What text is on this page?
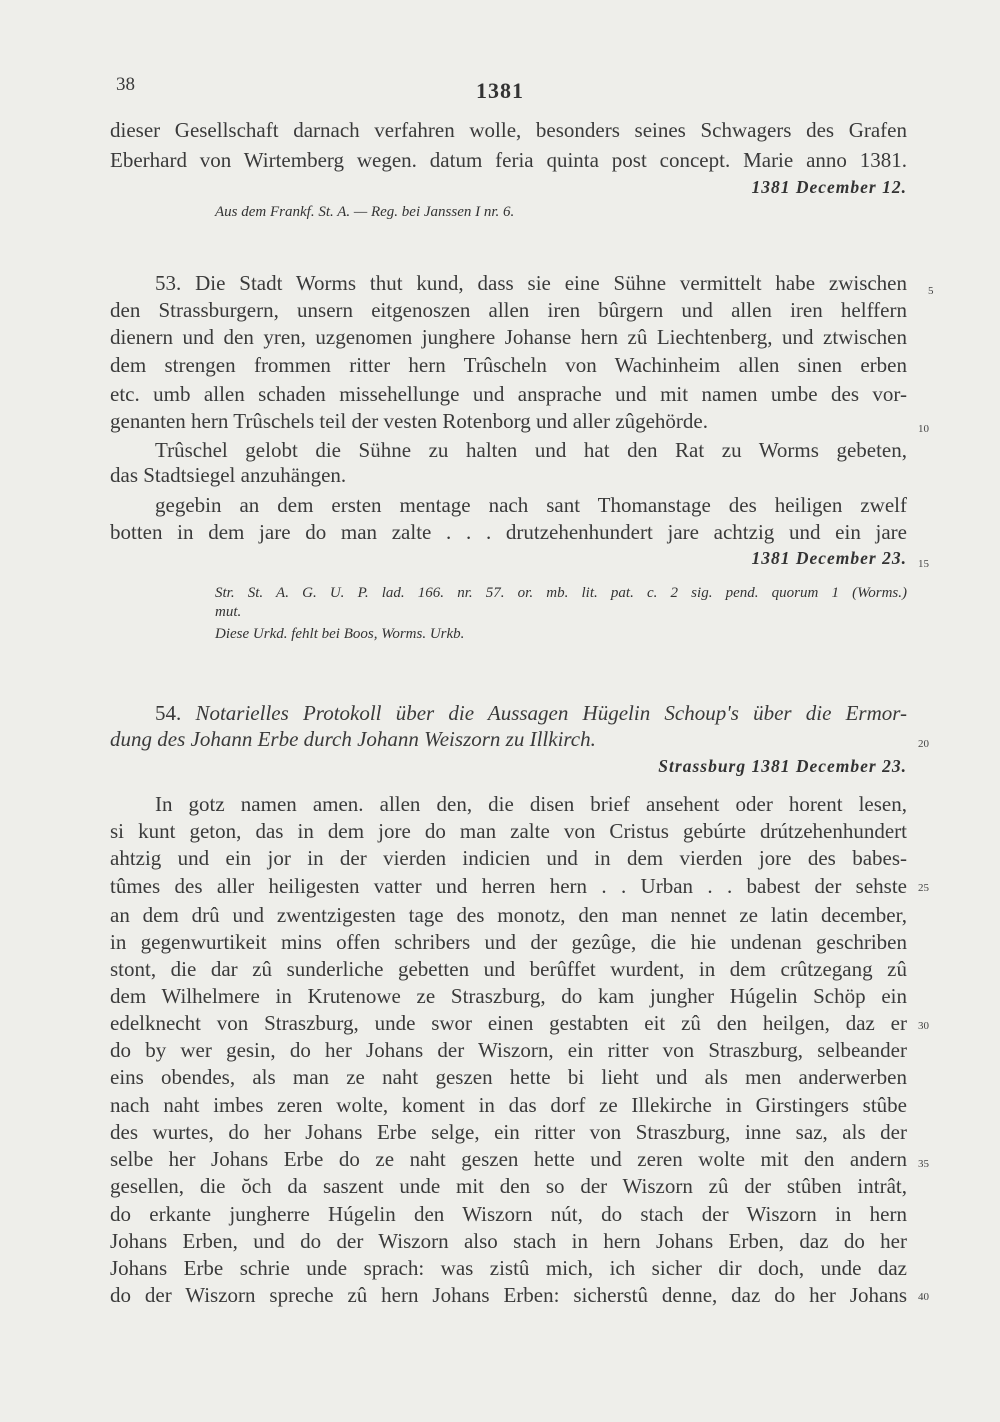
38	1381
dieser Gesellschaft darnach verfahren wolle, besonders seines Schwagers des Grafen
Eberhard von Wirtemberg wegen. datum feria quinta post concept. Marie anno 1381.
1381 December 12.
Aus dem Frankf. St. A. — Reg. bei Janssen I nr. 6.
53. Die Stadt Worms thut kund, dass sie eine Sühne vermittelt habe zwischen
den Strassburgern, unsern eitgenoszen allen iren bûrgern und allen iren helffern
dienern und den yren, uzgenomen junghere Johanse hern zû Liechtenberg, und ztwischen
dem strengen frommen ritter hern Trûscheln von Wachinheim allen sinen erben
etc. umb allen schaden missehellunge und ansprache und mit namen umbe des vor-
genanten hern Trûschels teil der vesten Rotenborg und aller zûgehörde.
Trûschel gelobt die Sühne zu halten und hat den Rat zu Worms gebeten,
das Stadtsiegel anzuhängen.
gegebin an dem ersten mentage nach sant Thomanstage des heiligen zwelf
botten in dem jare do man zalte . . . drutzehenhundert jare achtzig und ein jare
1381 December 23.
Str. St. A. G. U. P. lad. 166. nr. 57. or. mb. lit. pat. c. 2 sig. pend. quorum 1 (Worms.)
mut.
Diese Urkd. fehlt bei Boos, Worms. Urkb.
54. Notarielles Protokoll über die Aussagen Hügelin Schoup's über die Ermor-
dung des Johann Erbe durch Johann Weiszorn zu Illkirch.
Strassburg 1381 December 23.
In gotz namen amen. allen den, die disen brief ansehent oder horent lesen,
si kunt geton, das in dem jore do man zalte von Cristus gebúrte drútzehenhundert
ahtzig und ein jor in der vierden indicien und in dem vierden jore des babes-
tûmes des aller heiligesten vatter und herren hern . . Urban . . babest der sehste
an dem drû und zwentzigesten tage des monotz, den man nennet ze latin december,
in gegenwurtikeit mins offen schribers und der gezûge, die hie undenan geschriben
stont, die dar zû sunderliche gebetten und berûffet wurdent, in dem crûtzegang zû
dem Wilhelmere in Krutenowe ze Straszburg, do kam jungher Húgelin Schöp ein
edelknecht von Straszburg, unde swor einen gestabten eit zû den heilgen, daz er
do by wer gesin, do her Johans der Wiszorn, ein ritter von Straszburg, selbeander
eins obendes, als man ze naht geszen hette bi lieht und als men anderwerben
nach naht imbes zeren wolte, koment in das dorf ze Illekirche in Girstingers stûbe
des wurtes, do her Johans Erbe selge, ein ritter von Straszburg, inne saz, als der
selbe her Johans Erbe do ze naht geszen hette und zeren wolte mit den andern
gesellen, die ŏch da saszent unde mit den so der Wiszorn zû der stûben intrât,
do erkante jungherre Húgelin den Wiszorn nút, do stach der Wiszorn in hern
Johans Erben, und do der Wiszorn also stach in hern Johans Erben, daz do her
Johans Erbe schrie unde sprach: was zistû mich, ich sicher dir doch, unde daz
do der Wiszorn spreche zû hern Johans Erben: sicherstû denne, daz do her Johans
5
10
15
20
25
30
35
40
